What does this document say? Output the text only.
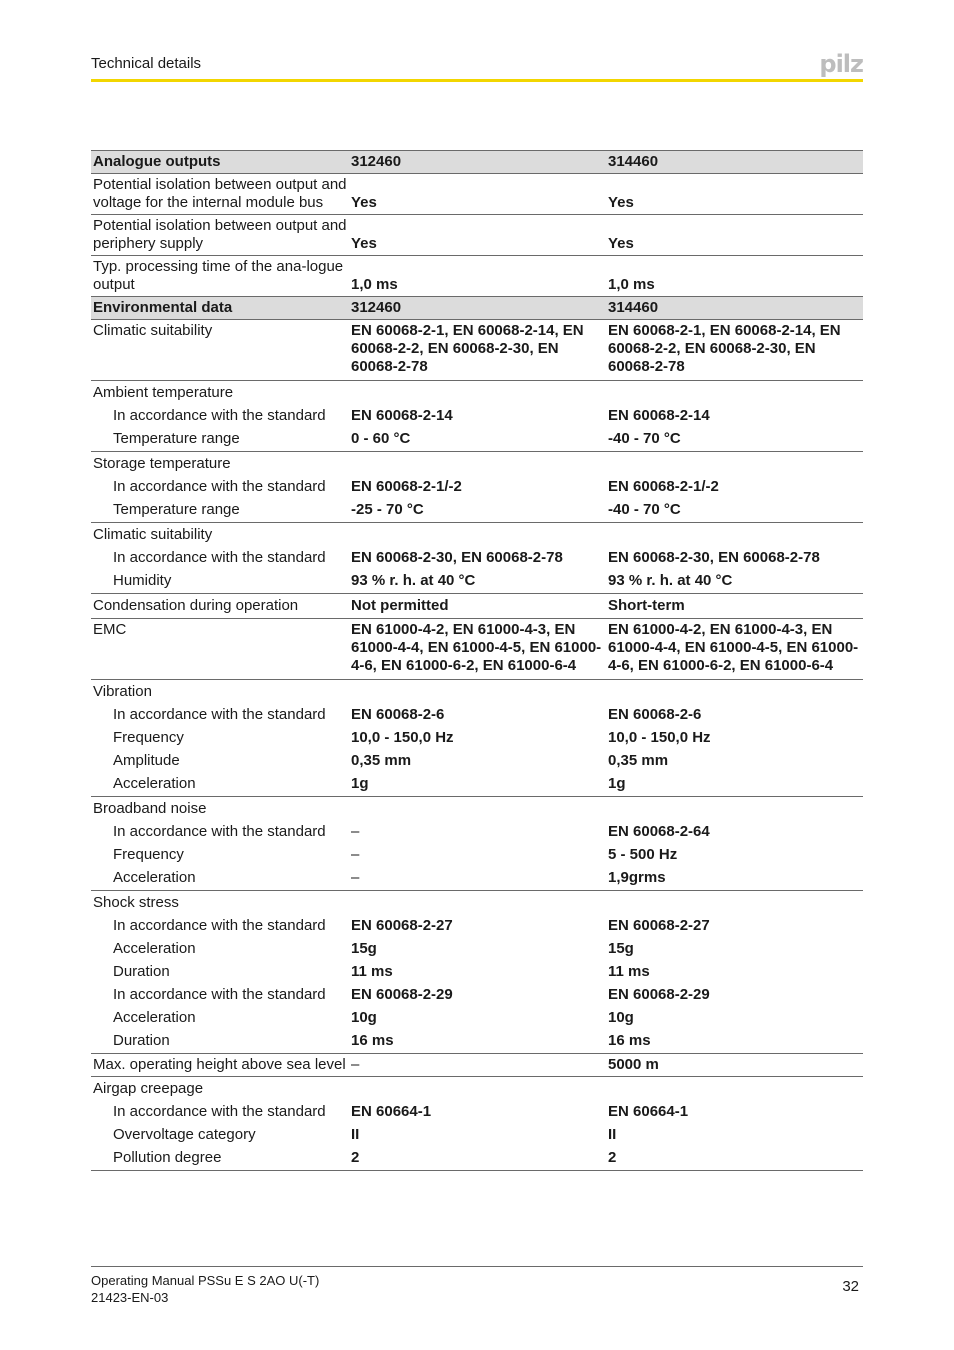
Technical details	pilz
Analogue outputs	312460	314460
Potential isolation between output and voltage for the internal module bus	Yes	Yes
Potential isolation between output and periphery supply	Yes	Yes
Typ. processing time of the ana-logue output	1,0 ms	1,0 ms
Environmental data	312460	314460
Climatic suitability	EN 60068-2-1, EN 60068-2-14, EN 60068-2-2, EN 60068-2-30, EN 60068-2-78	EN 60068-2-1, EN 60068-2-14, EN 60068-2-2, EN 60068-2-30, EN 60068-2-78
Ambient temperature		
In accordance with the standard	EN 60068-2-14	EN 60068-2-14
Temperature range	0 - 60 °C	-40 - 70 °C
Storage temperature		
In accordance with the standard	EN 60068-2-1/-2	EN 60068-2-1/-2
Temperature range	-25 - 70 °C	-40 - 70 °C
Climatic suitability		
In accordance with the standard	EN 60068-2-30, EN 60068-2-78	EN 60068-2-30, EN 60068-2-78
Humidity	93 % r. h. at 40 °C	93 % r. h. at 40 °C
Condensation during operation	Not permitted	Short-term
EMC	EN 61000-4-2, EN 61000-4-3, EN 61000-4-4, EN 61000-4-5, EN 61000-4-6, EN 61000-6-2, EN 61000-6-4	EN 61000-4-2, EN 61000-4-3, EN 61000-4-4, EN 61000-4-5, EN 61000-4-6, EN 61000-6-2, EN 61000-6-4
Vibration		
In accordance with the standard	EN 60068-2-6	EN 60068-2-6
Frequency	10,0 - 150,0 Hz	10,0 - 150,0 Hz
Amplitude	0,35 mm	0,35 mm
Acceleration	1g	1g
Broadband noise		
In accordance with the standard	–	EN 60068-2-64
Frequency	–	5 - 500 Hz
Acceleration	–	1,9grms
Shock stress		
In accordance with the standard	EN 60068-2-27	EN 60068-2-27
Acceleration	15g	15g
Duration	11 ms	11 ms
In accordance with the standard	EN 60068-2-29	EN 60068-2-29
Acceleration	10g	10g
Duration	16 ms	16 ms
Max. operating height above sea level	–	5000 m
Airgap creepage		
In accordance with the standard	EN 60664-1	EN 60664-1
Overvoltage category	II	II
Pollution degree	2	2
Operating Manual PSSu E S 2AO U(-T)
21423-EN-03
32
